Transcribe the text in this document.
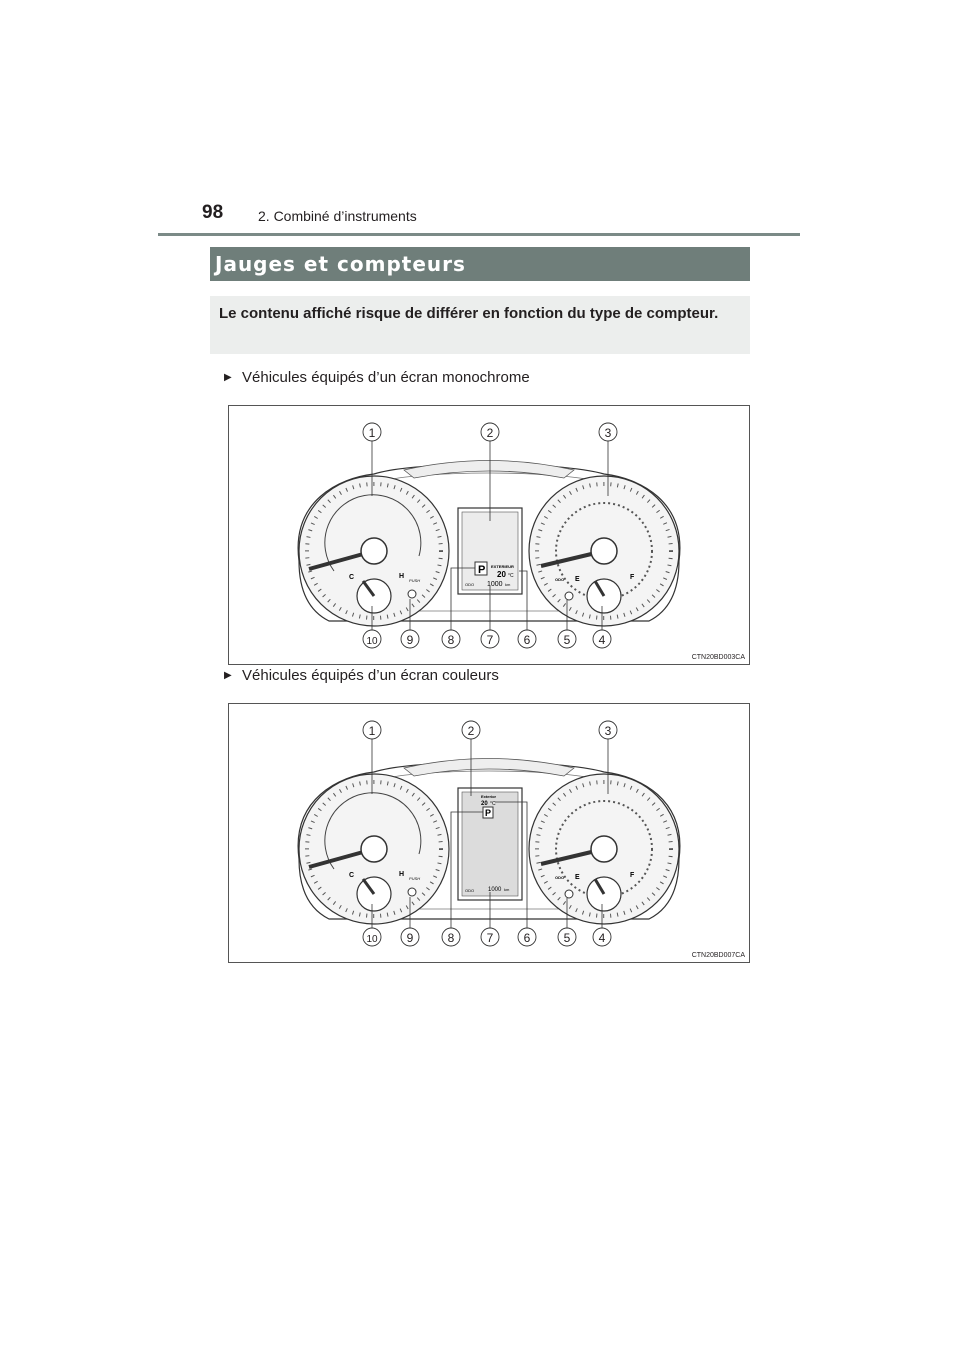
98 2. Combiné d’instruments
Jauges et compteurs
Le contenu affiché risque de différer en fonction du type de compteur.
▶ Véhicules équipés d’un écran monochrome
C	H
PUSH	E	F
ODO
P EXTERIEUR
20 °C
ODO 1000 km
1	2	3
10 9	8	7	6	5 4
CTN20BD003CA
▶ Véhicules équipés d’un écran couleurs
C	H
PUSH	E	F
ODO
Exterior
20 °C
P
ODO 1000 km
1	2	3
10 9	8	7	6	5 4
CTN20BD007CA
